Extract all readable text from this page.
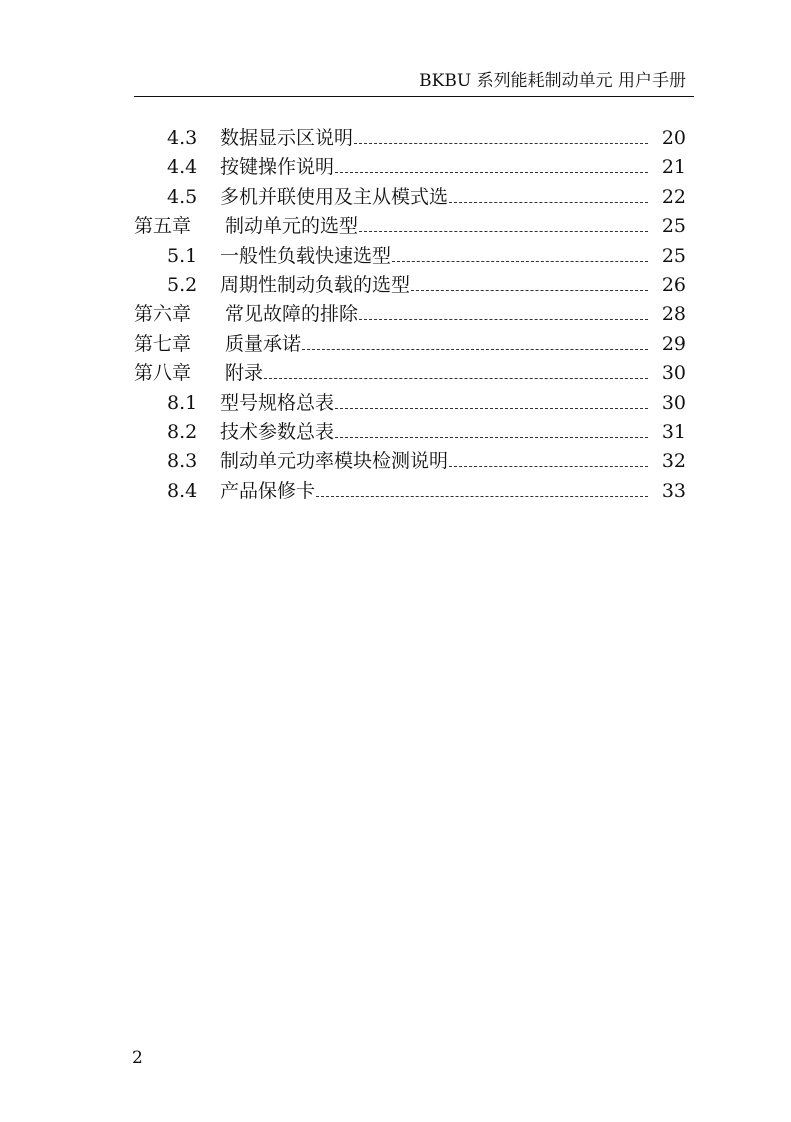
BKBU 系列能耗制动单元 用户手册
4.3 数据显示区说明	20
4.4 按键操作说明	21
4.5 多机并联使用及主从模式选	22
第五章 制动单元的选型	25
5.1 一般性负载快速选型	25
5.2 周期性制动负载的选型	26
第六章 常见故障的排除	28
第七章 质量承诺	29
第八章 附录	30
8.1 型号规格总表	30
8.2 技术参数总表	31
8.3 制动单元功率模块检测说明	32
8.4 产品保修卡	33
2
